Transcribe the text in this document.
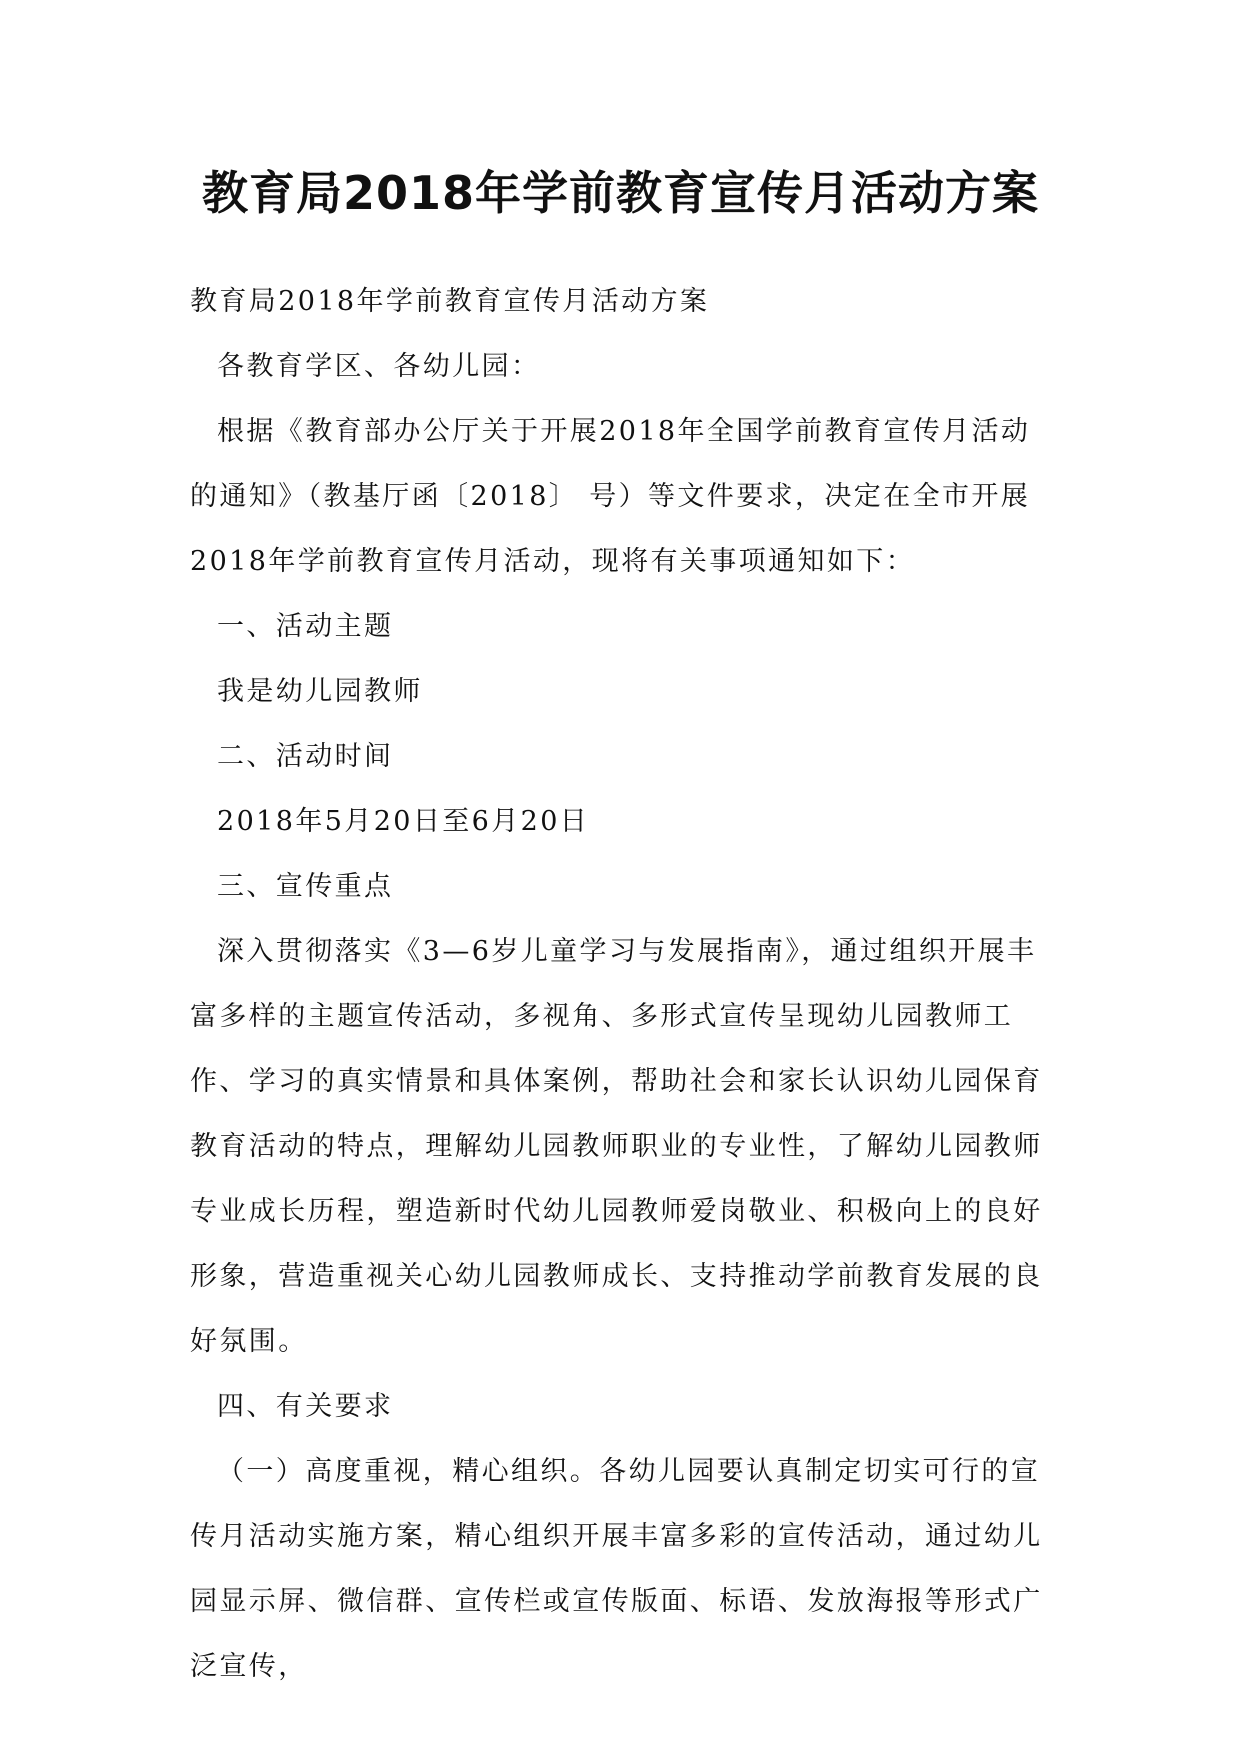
教育局2018年学前教育宣传月活动方案

教育局2018年学前教育宣传月活动方案

各教育学区、各幼儿园：

根据《教育部办公厅关于开展2018年全国学前教育宣传月活动的通知》（教基厅函〔2018〕 号）等文件要求，决定在全市开展2018年学前教育宣传月活动，现将有关事项通知如下：

一、活动主题

我是幼儿园教师

二、活动时间

2018年5月20日至6月20日

三、宣传重点

深入贯彻落实《3—6岁儿童学习与发展指南》，通过组织开展丰富多样的主题宣传活动，多视角、多形式宣传呈现幼儿园教师工作、学习的真实情景和具体案例，帮助社会和家长认识幼儿园保育教育活动的特点，理解幼儿园教师职业的专业性，了解幼儿园教师专业成长历程，塑造新时代幼儿园教师爱岗敬业、积极向上的良好形象，营造重视关心幼儿园教师成长、支持推动学前教育发展的良好氛围。

四、有关要求

（一）高度重视，精心组织。各幼儿园要认真制定切实可行的宣传月活动实施方案，精心组织开展丰富多彩的宣传活动，通过幼儿园显示屏、微信群、宣传栏或宣传版面、标语、发放海报等形式广泛宣传，
